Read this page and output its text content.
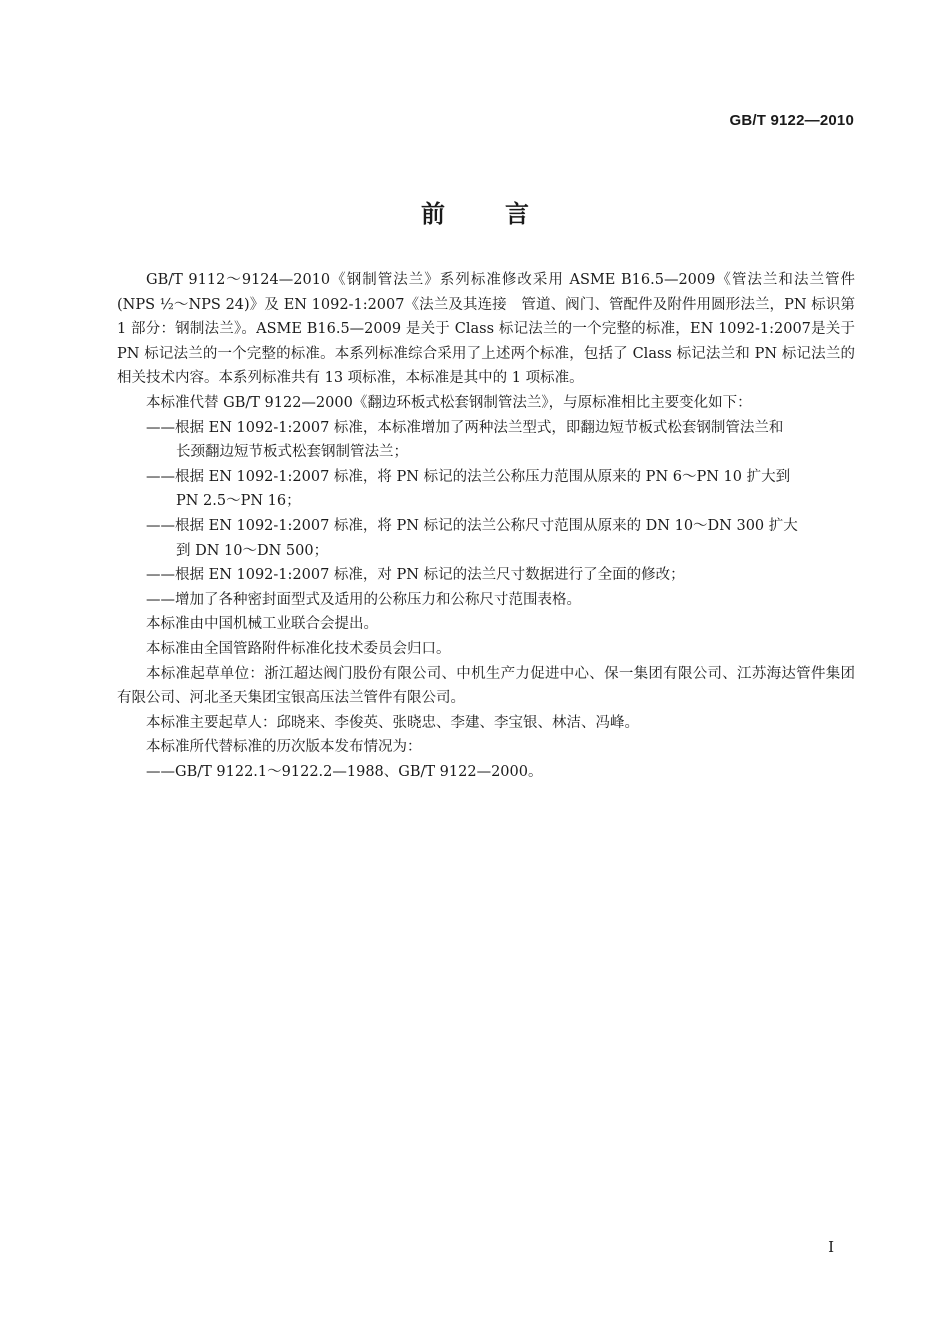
GB/T 9122—2010
前	言

GB/T 9112～9124—2010《钢制管法兰》系列标准修改采用 ASME B16.5—2009《管法兰和法兰管件(NPS ½～NPS 24)》及 EN 1092-1:2007《法兰及其连接　管道、阀门、管配件及附件用圆形法兰，PN 标识第 1 部分：钢制法兰》。ASME B16.5—2009 是关于 Class 标记法兰的一个完整的标准，EN 1092-1:2007是关于 PN 标记法兰的一个完整的标准。本系列标准综合采用了上述两个标准，包括了 Class 标记法兰和 PN 标记法兰的相关技术内容。本系列标准共有 13 项标准，本标准是其中的 1 项标准。

本标准代替 GB/T 9122—2000《翻边环板式松套钢制管法兰》，与原标准相比主要变化如下：

——根据 EN 1092-1:2007 标准，本标准增加了两种法兰型式，即翻边短节板式松套钢制管法兰和
长颈翻边短节板式松套钢制管法兰；
——根据 EN 1092-1:2007 标准，将 PN 标记的法兰公称压力范围从原来的 PN 6～PN 10 扩大到
PN 2.5～PN 16；
——根据 EN 1092-1:2007 标准，将 PN 标记的法兰公称尺寸范围从原来的 DN 10～DN 300 扩大
到 DN 10～DN 500；
——根据 EN 1092-1:2007 标准，对 PN 标记的法兰尺寸数据进行了全面的修改；
——增加了各种密封面型式及适用的公称压力和公称尺寸范围表格。

本标准由中国机械工业联合会提出。

本标准由全国管路附件标准化技术委员会归口。

本标准起草单位：浙江超达阀门股份有限公司、中机生产力促进中心、保一集团有限公司、江苏海达管件集团有限公司、河北圣天集团宝银高压法兰管件有限公司。

本标准主要起草人：邱晓来、李俊英、张晓忠、李建、李宝银、林洁、冯峰。

本标准所代替标准的历次版本发布情况为：

——GB/T 9122.1～9122.2—1988、GB/T 9122—2000。
I
